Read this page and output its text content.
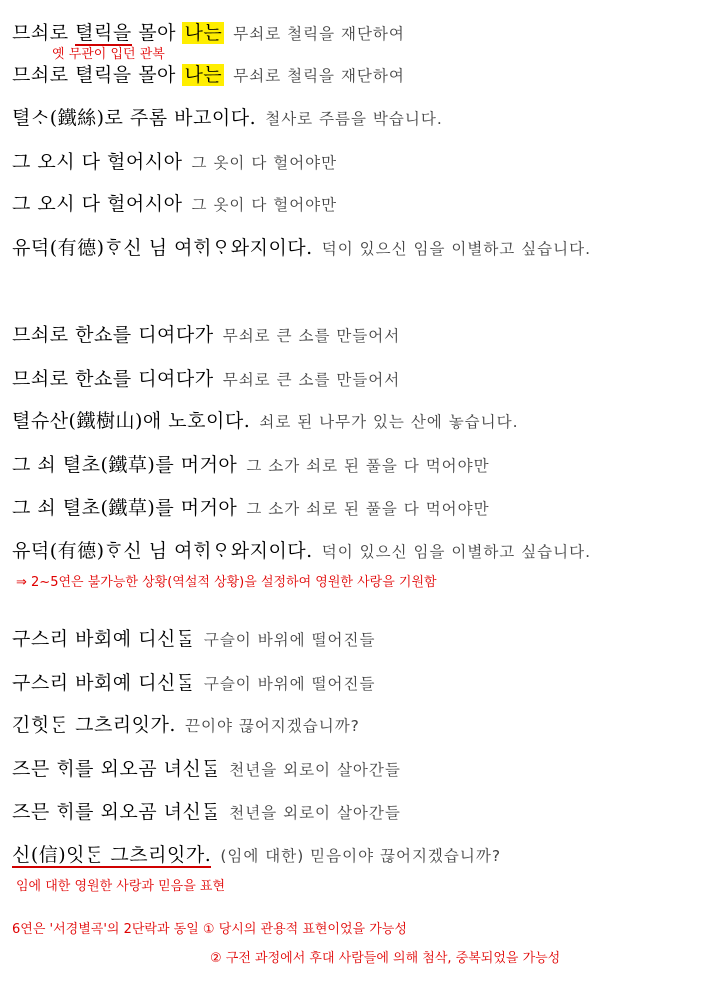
므쇠로 텰릭을 몰아 나는 무쇠로 철릭을 재단하여
옛 무관이 입던 관복
므쇠로 텰릭을 몰아 나는 무쇠로 철릭을 재단하여
텰ᄉᆞ(鐵絲)로 주롬 바고이다. 철사로 주름을 박습니다.
그 오시 다 헐어시아 그 옷이 다 헐어야만
그 오시 다 헐어시아 그 옷이 다 헐어야만
유덕(有德)ᄒᆞ신 님 여ᄒᆡᄋᆞ와지이다. 덕이 있으신 임을 이별하고 싶습니다.
므쇠로 한쇼를 디여다가 무쇠로 큰 소를 만들어서
므쇠로 한쇼를 디여다가 무쇠로 큰 소를 만들어서
텰슈산(鐵樹山)애 노호이다. 쇠로 된 나무가 있는 산에 놓습니다.
그 쇠 텰초(鐵草)를 머거아 그 소가 쇠로 된 풀을 다 먹어야만
그 쇠 텰초(鐵草)를 머거아 그 소가 쇠로 된 풀을 다 먹어야만
유덕(有德)ᄒᆞ신 님 여ᄒᆡᄋᆞ와지이다. 덕이 있으신 임을 이별하고 싶습니다.
⇒ 2~5연은 불가능한 상황(역설적 상황)을 설정하여 영원한 사랑을 기원함
구스리 바회예 디신ᄃᆞᆯ 구슬이 바위에 떨어진들
구스리 바회예 디신ᄃᆞᆯ 구슬이 바위에 떨어진들
긴힛ᄃᆞᆫ 그츠리잇가. 끈이야 끊어지겠습니까?
즈믄 ᄒᆡ를 외오곰 녀신ᄃᆞᆯ 천년을 외로이 살아간들
즈믄 ᄒᆡ를 외오곰 녀신ᄃᆞᆯ 천년을 외로이 살아간들
신(信)잇ᄃᆞᆫ 그츠리잇가. (임에 대한) 믿음이야 끊어지겠습니까?
임에 대한 영원한 사랑과 믿음을 표현
6연은 '서경별곡'의 2단락과 동일 ① 당시의 관용적 표현이었을 가능성
② 구전 과정에서 후대 사람들에 의해 첨삭, 중복되었을 가능성
